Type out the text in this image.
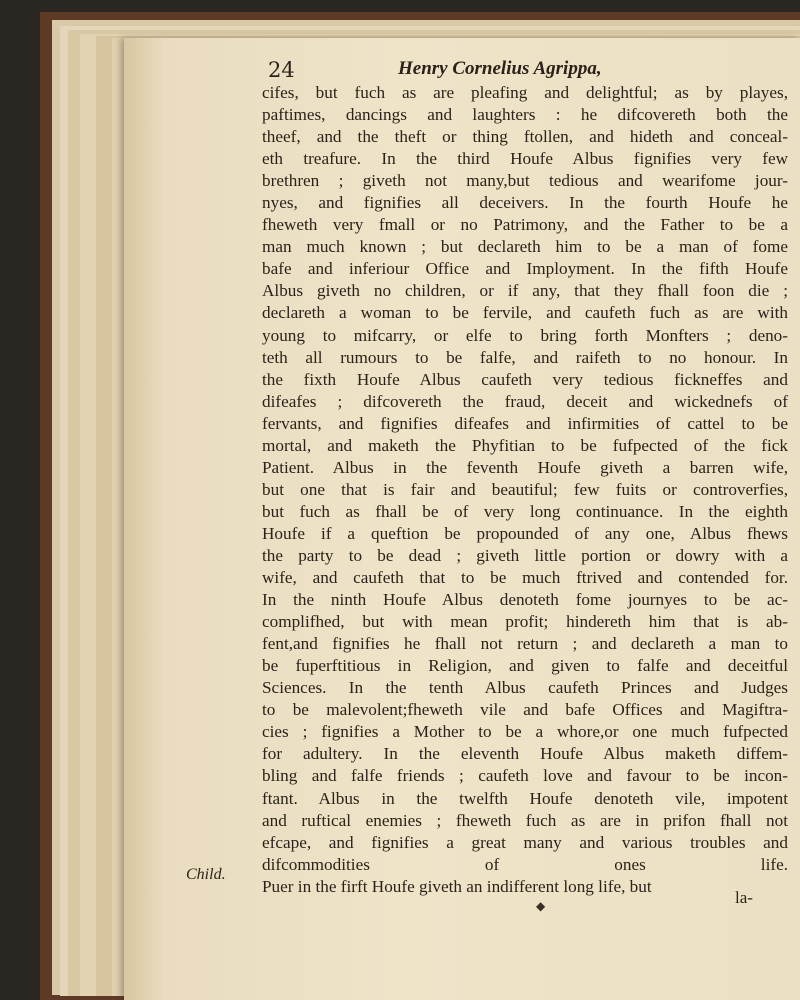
24	Henry Cornelius Agrippa,
cifes, but fuch as are pleafing and delightful; as by playes,
paftimes, dancings and laughters : he difcovereth both the
theef, and the theft or thing ftollen, and hideth and conceal-
eth treafure. In the third Houfe Albus fignifies very few
brethren ; giveth not many,but tedious and wearifome jour-
nyes, and fignifies all deceivers. In the fourth Houfe he
fheweth very fmall or no Patrimony, and the Father to be a
man much known ; but declareth him to be a man of fome
bafe and inferiour Office and Imployment. In the fifth Houfe
Albus giveth no children, or if any, that they fhall foon die ;
declareth a woman to be fervile, and caufeth fuch as are with
young to mifcarry, or elfe to bring forth Monfters ; deno-
teth all rumours to be falfe, and raifeth to no honour. In
the fixth Houfe Albus caufeth very tedious fickneffes and
difeafes ; difcovereth the fraud, deceit and wickednefs of
fervants, and fignifies difeafes and infirmities of cattel to be
mortal, and maketh the Phyfitian to be fufpected of the fick
Patient. Albus in the feventh Houfe giveth a barren wife,
but one that is fair and beautiful; few fuits or controverfies,
but fuch as fhall be of very long continuance. In the eighth
Houfe if a queftion be propounded of any one, Albus fhews
the party to be dead ; giveth little portion or dowry with a
wife, and caufeth that to be much ftrived and contended for.
In the ninth Houfe Albus denoteth fome journyes to be ac-
complifhed, but with mean profit; hindereth him that is ab-
fent,and fignifies he fhall not return ; and declareth a man to
be fuperftitious in Religion, and given to falfe and deceitful
Sciences. In the tenth Albus caufeth Princes and Judges
to be malevolent;fheweth vile and bafe Offices and Magiftra-
cies ; fignifies a Mother to be a whore,or one much fufpected
for adultery. In the eleventh Houfe Albus maketh diffem-
bling and falfe friends ; caufeth love and favour to be incon-
ftant. Albus in the twelfth Houfe denoteth vile, impotent
and ruftical enemies ; fheweth fuch as are in prifon fhall not
efcape, and fignifies a great many and various troubles and
difcommodities of ones life.
Puer in the firft Houfe giveth an indifferent long life, but
Child.
◆	la-
